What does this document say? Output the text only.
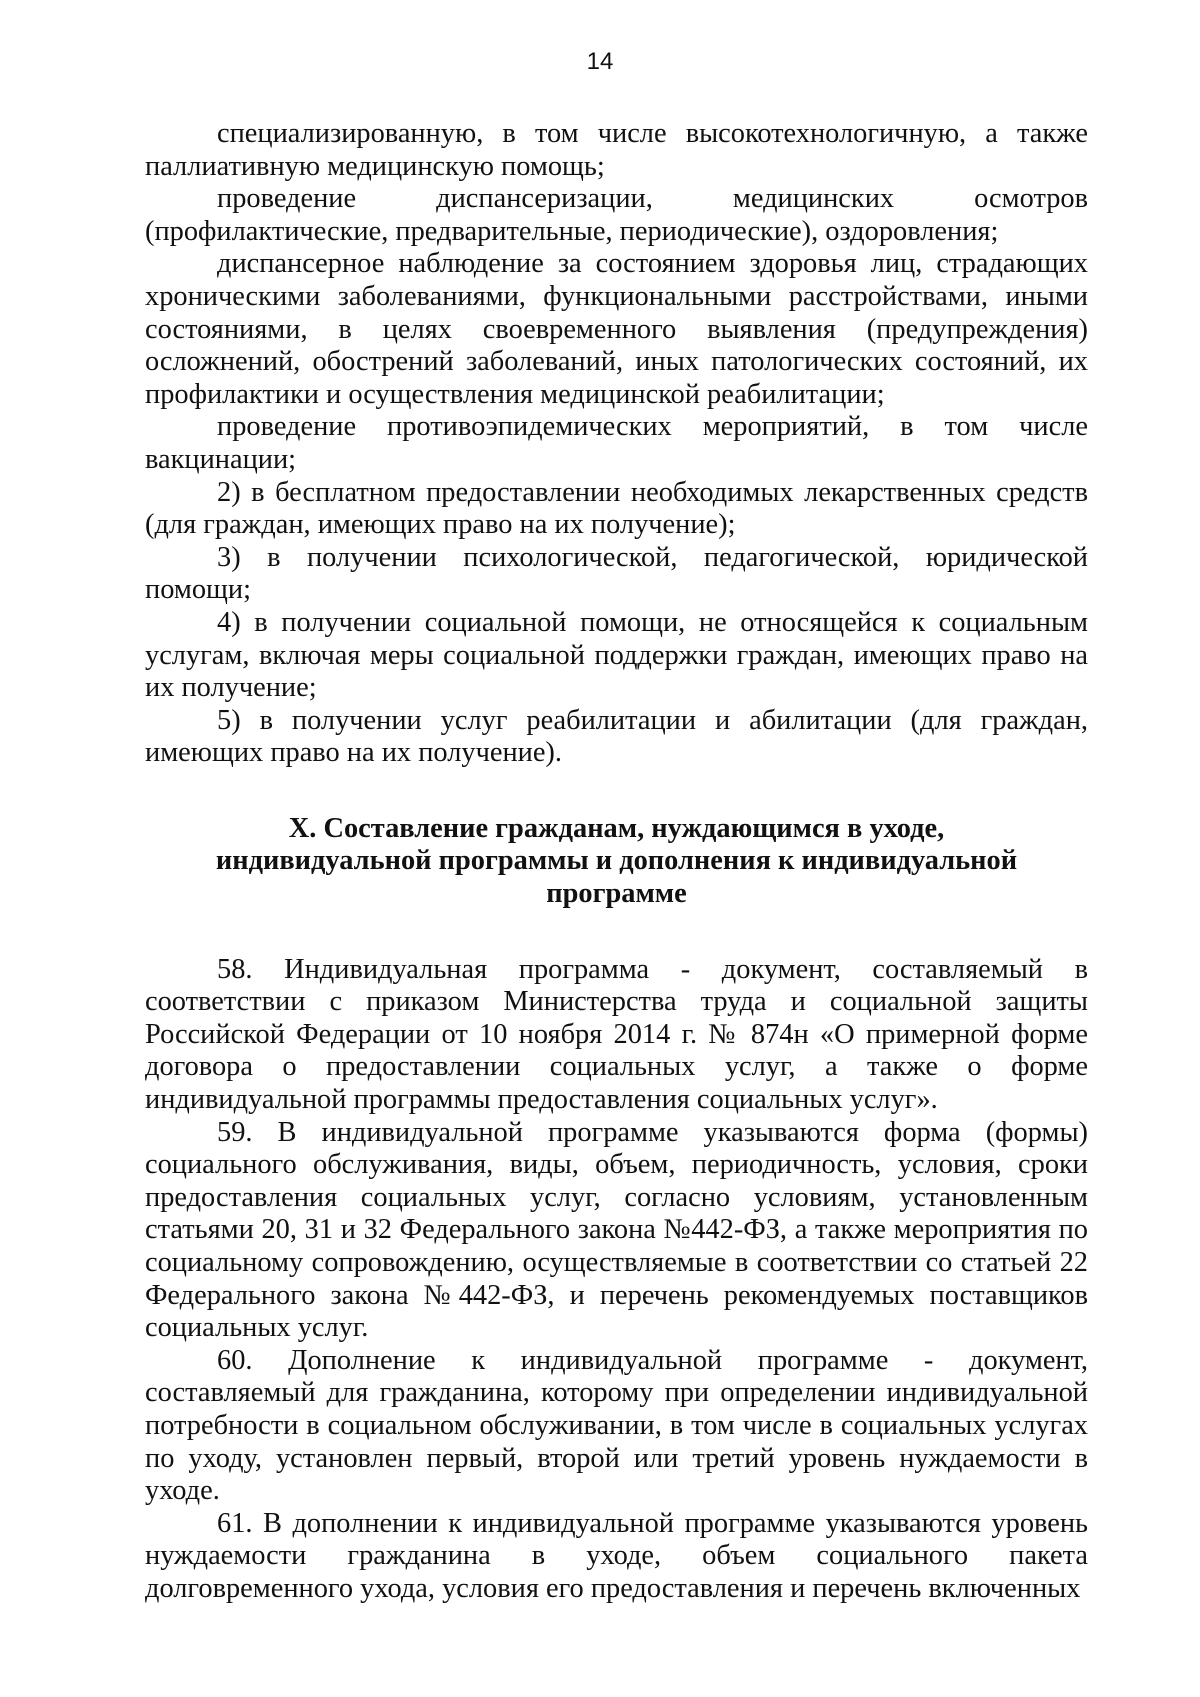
14

специализированную, в том числе высокотехнологичную, а также паллиативную медицинскую помощь;

проведение диспансеризации, медицинских осмотров (профилактические, предварительные, периодические), оздоровления;

диспансерное наблюдение за состоянием здоровья лиц, страдающих хроническими заболеваниями, функциональными расстройствами, иными состояниями, в целях своевременного выявления (предупреждения) осложнений, обострений заболеваний, иных патологических состояний, их профилактики и осуществления медицинской реабилитации;

проведение противоэпидемических мероприятий, в том числе вакцинации;

2) в бесплатном предоставлении необходимых лекарственных средств (для граждан, имеющих право на их получение);

3) в получении психологической, педагогической, юридической помощи;

4) в получении социальной помощи, не относящейся к социальным услугам, включая меры социальной поддержки граждан, имеющих право на их получение;

5) в получении услуг реабилитации и абилитации (для граждан, имеющих право на их получение).

X. Составление гражданам, нуждающимся в уходе,
индивидуальной программы и дополнения к индивидуальной
программе

58. Индивидуальная программа - документ, составляемый в соответствии с приказом Министерства труда и социальной защиты Российской Федерации от 10 ноября 2014 г. № 874н «О примерной форме договора о предоставлении социальных услуг, а также о форме индивидуальной программы предоставления социальных услуг».

59. В индивидуальной программе указываются форма (формы) социального обслуживания, виды, объем, периодичность, условия, сроки предоставления социальных услуг, согласно условиям, установленным статьями 20, 31 и 32 Федерального закона №442-ФЗ, а также мероприятия по социальному сопровождению, осуществляемые в соответствии со статьей 22 Федерального закона №442-ФЗ, и перечень рекомендуемых поставщиков социальных услуг.

60. Дополнение к индивидуальной программе - документ, составляемый для гражданина, которому при определении индивидуальной потребности в социальном обслуживании, в том числе в социальных услугах по уходу, установлен первый, второй или третий уровень нуждаемости в уходе.

61. В дополнении к индивидуальной программе указываются уровень нуждаемости гражданина в уходе, объем социального пакета долговременного ухода, условия его предоставления и перечень включенных
